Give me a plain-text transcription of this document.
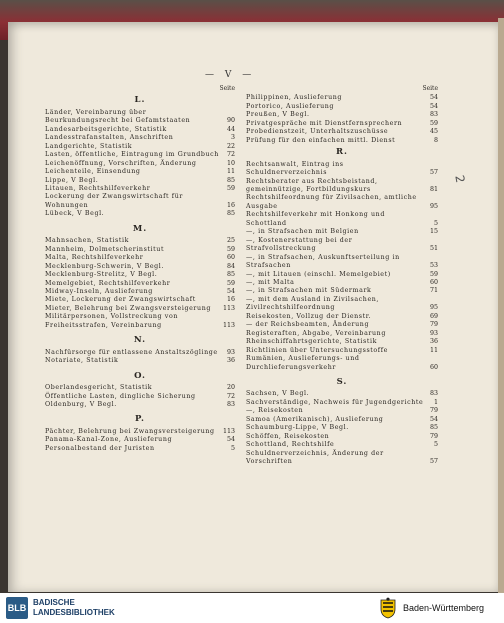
— V —
2
Seite
L.
Länder, Vereinbarung über Beurkundungsrecht bei Gefamtstaaten	90
Landesarbeitsgerichte, Statistik	44
Landesstrafanstalten, Anschriften	3
Landgerichte, Statistik	22
Lasten, öffentliche, Eintragung im Grundbuch	72
Leichenöffnung, Vorschriften, Änderung	10
Leichenteile, Einsendung	11
Lippe, V Begl.	85
Litauen, Rechtshilfeverkehr	59
Lockerung der Zwangswirtschaft für Wohnungen	16
Lübeck, V Begl.	85
M.
Mahnsachen, Statistik	25
Mannheim, Dolmetscherinstitut	59
Malta, Rechtshilfeverkehr	60
Mecklenburg-Schwerin, V Begl.	84
Mecklenburg-Strelitz, V Begl.	85
Memelgebiet, Rechtshilfeverkehr	59
Midway-Inseln, Auslieferung	54
Miete, Lockerung der Zwangswirtschaft	16
Mieter, Belehrung bei Zwangsversteigerung	113
Militärpersonen, Vollstreckung von Freiheitsstrafen, Vereinbarung	113
N.
Nachfürsorge für entlassene Anstaltszöglinge	93
Notariate, Statistik	36
O.
Oberlandesgericht, Statistik	20
Öffentliche Lasten, dingliche Sicherung	72
Oldenburg, V Begl.	83
P.
Pächter, Belehrung bei Zwangsversteigerung	113
Panama-Kanal-Zone, Auslieferung	54
Personalbestand der Juristen	5
Seite
Philippinen, Auslieferung	54
Portorico, Auslieferung	54
Preußen, V Begl.	83
Privatgespräche mit Dienstfernsprechern	59
Probedienstzeit, Unterhaltszuschüsse	45
Prüfung für den einfachen mittl. Dienst	8
R.
Rechtsanwalt, Eintrag ins Schuldnerverzeichnis	57
Rechtsberater aus Rechtsbeistand, gemeinnützige, Fortbildungskurs	81
Rechtshilfeordnung für Zivilsachen, amtliche Ausgabe	95
Rechtshilfeverkehr mit Honkong und Schottland	5
—, in Strafsachen mit Belgien	15
—, Kostenerstattung bei der Strafvollstreckung	51
—, in Strafsachen, Auskunftserteilung in Strafsachen	53
—, mit Litauen (einschl. Memelgebiet)	59
—, mit Malta	60
—, in Strafsachen mit Südermark	71
—, mit dem Ausland in Zivilsachen, Zivilrechtshilfeordnung	95
Reisekosten, Vollzug der Dienstr.	69
— der Reichsbeamten, Änderung	79
Registeraften, Abgabe, Vereinbarung	93
Rheinschiffahrtsgerichte, Statistik	36
Richtlinien über Untersuchungsstoffe	11
Rumänien, Auslieferungs- und Durchlieferungsverkehr	60
S.
Sachsen, V Begl.	83
Sachverständige, Nachweis für Jugendgerichte 1
—, Reisekosten	79
Samoa (Amerikanisch), Auslieferung	54
Schaumburg-Lippe, V Begl.	85
Schöffen, Reisekosten	79
Schottland, Rechtshilfe	5
Schuldnerverzeichnis, Änderung der Vorschriften	57
BLB
BADISCHE
LANDESBIBLIOTHEK	Baden-Württemberg
